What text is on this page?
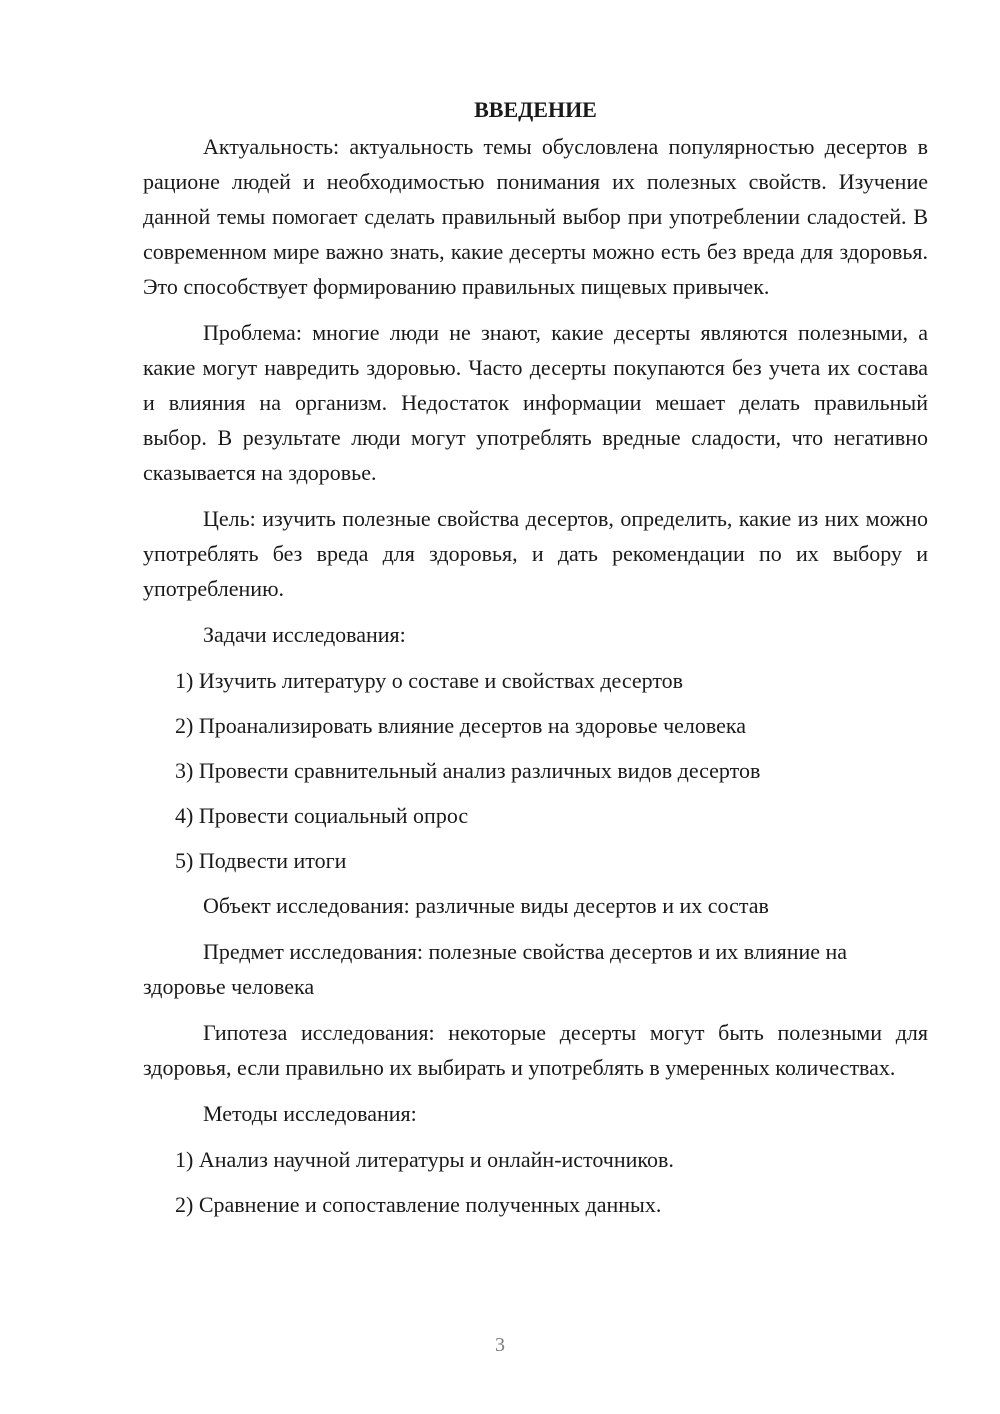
ВВЕДЕНИЕ
Актуальность: актуальность темы обусловлена популярностью десертов в рационе людей и необходимостью понимания их полезных свойств. Изучение данной темы помогает сделать правильный выбор при употреблении сладостей. В современном мире важно знать, какие десерты можно есть без вреда для здоровья. Это способствует формированию правильных пищевых привычек.
Проблема: многие люди не знают, какие десерты являются полезными, а какие могут навредить здоровью. Часто десерты покупаются без учета их состава и влияния на организм. Недостаток информации мешает делать правильный выбор. В результате люди могут употреблять вредные сладости, что негативно сказывается на здоровье.
Цель: изучить полезные свойства десертов, определить, какие из них можно употреблять без вреда для здоровья, и дать рекомендации по их выбору и употреблению.
Задачи исследования:
1) Изучить литературу о составе и свойствах десертов
2) Проанализировать влияние десертов на здоровье человека
3) Провести сравнительный анализ различных видов десертов
4) Провести социальный опрос
5) Подвести итоги
Объект исследования: различные виды десертов и их состав
Предмет исследования: полезные свойства десертов и их влияние на здоровье человека
Гипотеза исследования: некоторые десерты могут быть полезными для здоровья, если правильно их выбирать и употреблять в умеренных количествах.
Методы исследования:
1) Анализ научной литературы и онлайн-источников.
2) Сравнение и сопоставление полученных данных.
3
